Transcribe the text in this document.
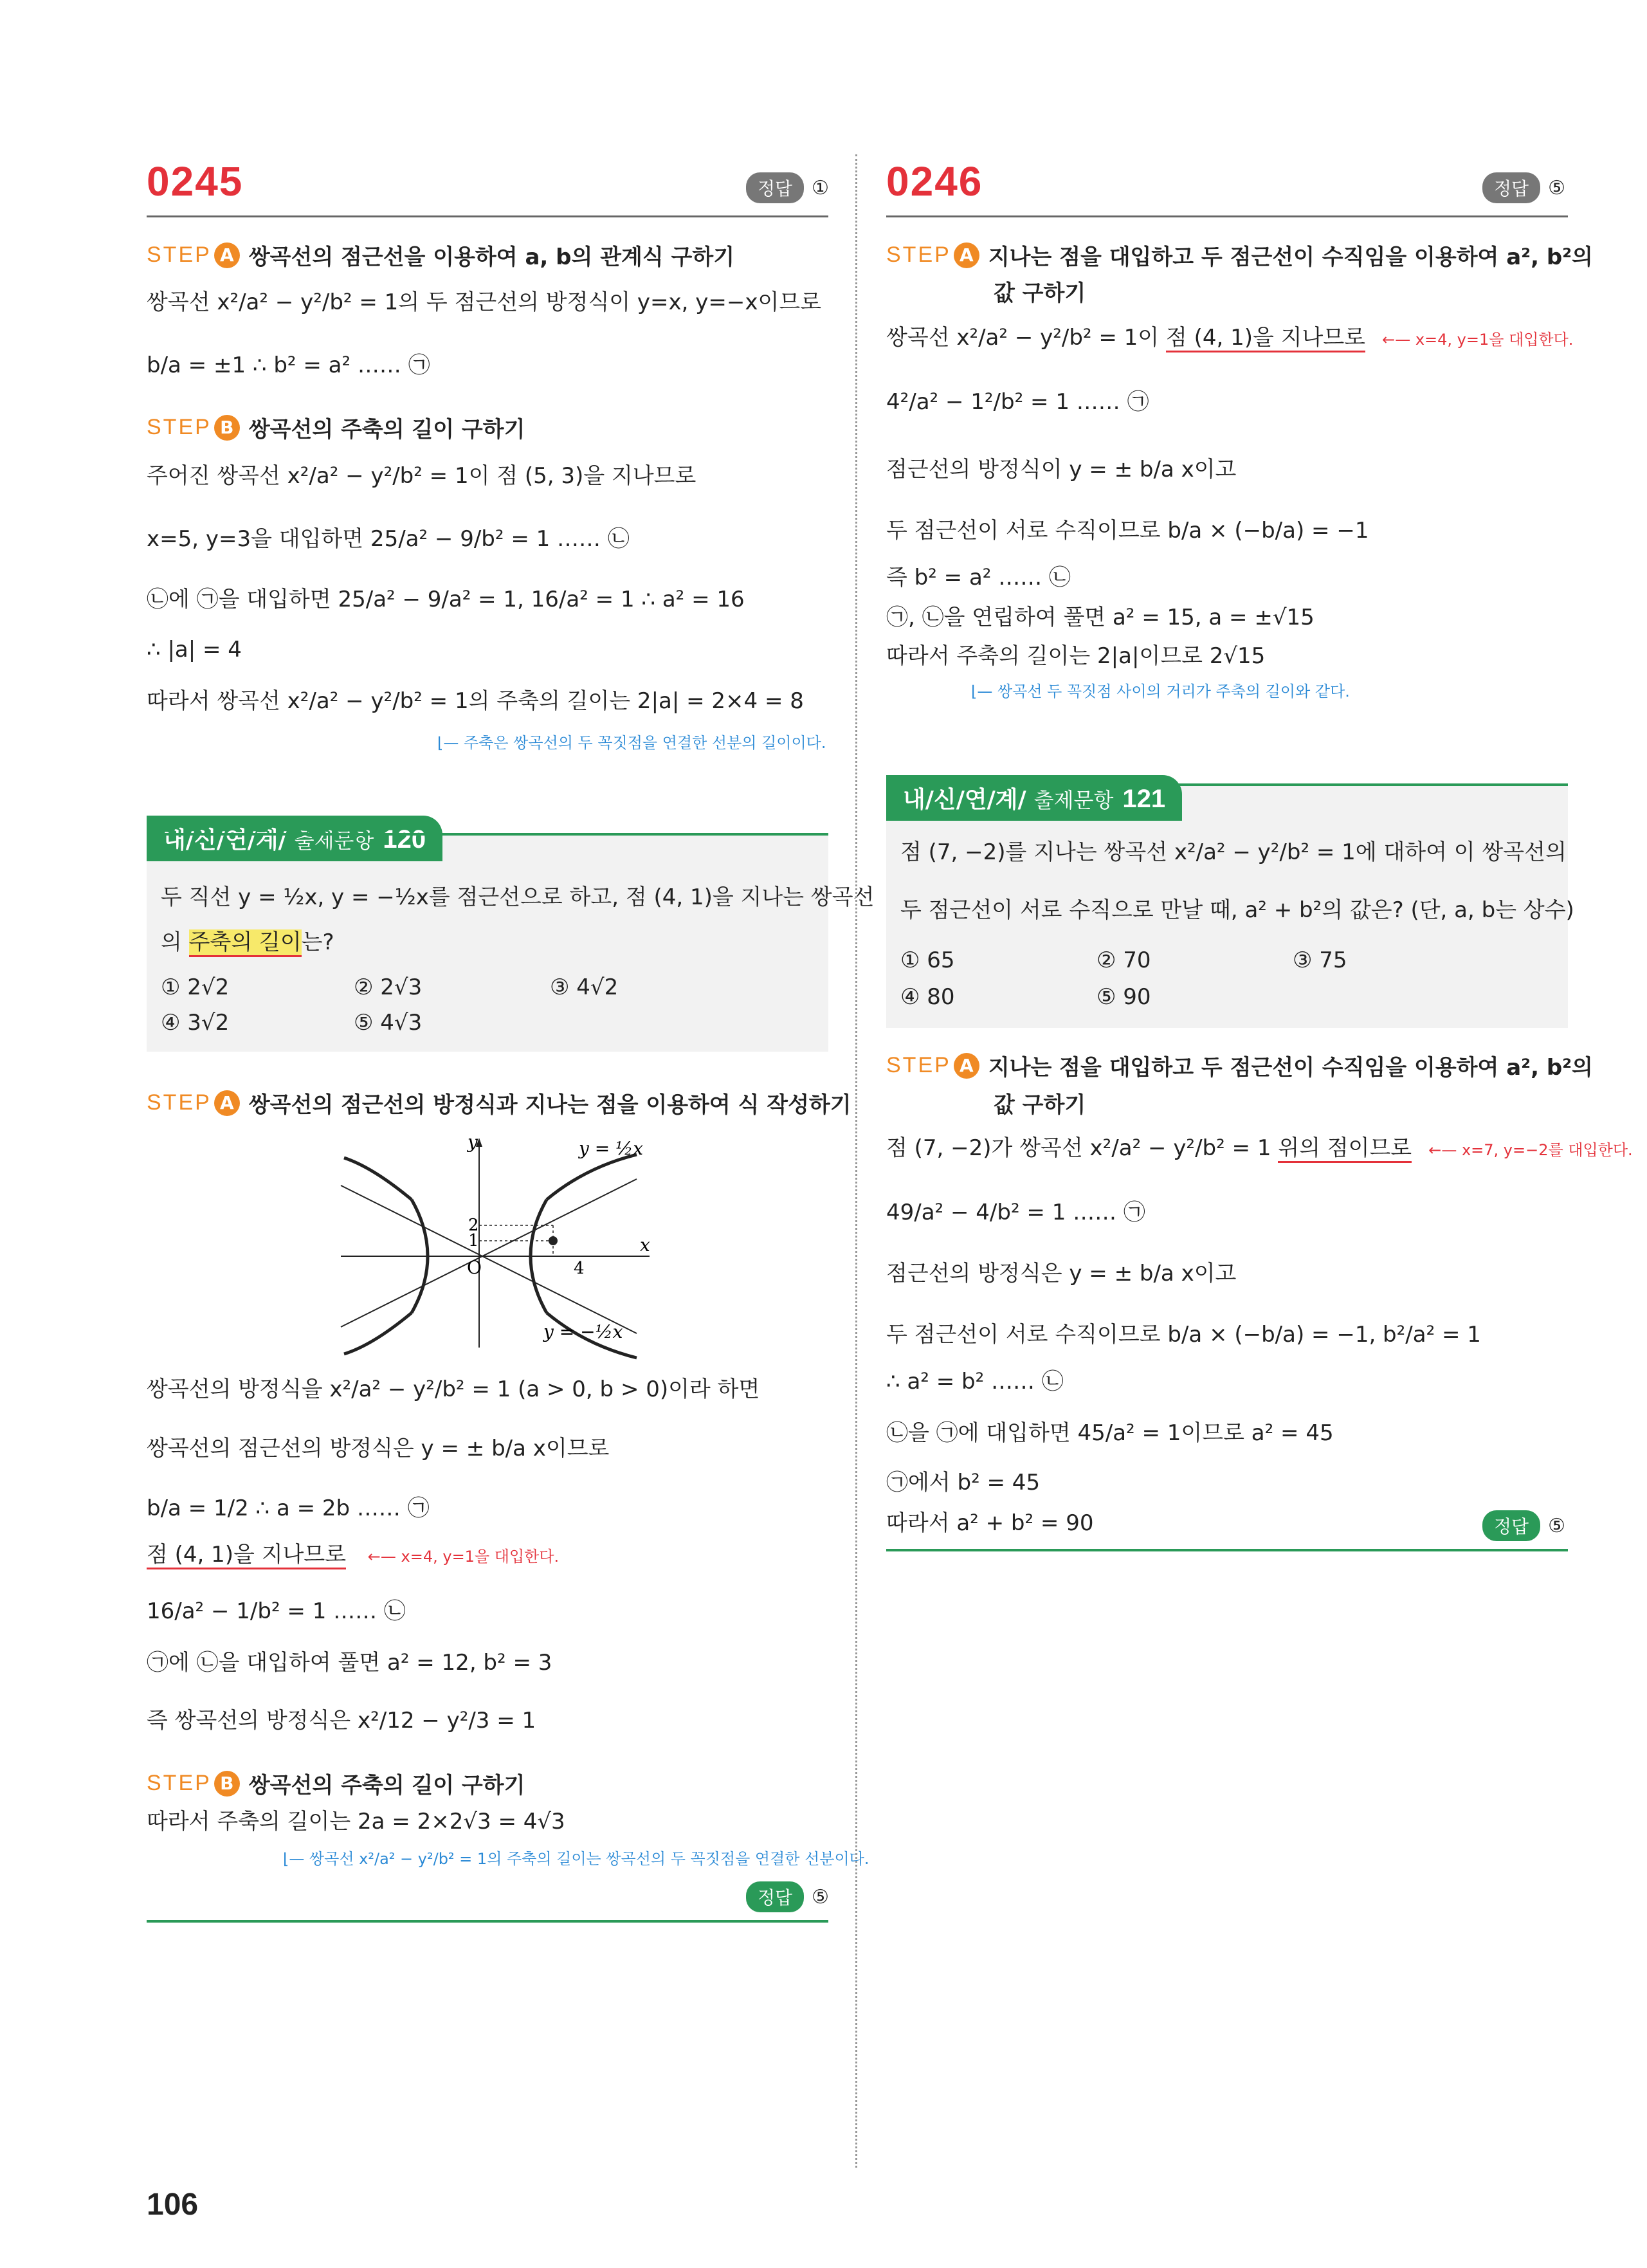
0245	정답	①
STEP A 쌍곡선의 점근선을 이용하여 a, b의 관계식 구하기
쌍곡선 x²/a² − y²/b² = 1의 두 점근선의 방정식이 y=x, y=−x이므로
b/a = ±1 ∴ b² = a² …… ㉠
STEP B 쌍곡선의 주축의 길이 구하기
주어진 쌍곡선 x²/a² − y²/b² = 1이 점 (5, 3)을 지나므로
x=5, y=3을 대입하면 25/a² − 9/b² = 1 …… ㉡
㉡에 ㉠을 대입하면 25/a² − 9/a² = 1, 16/a² = 1 ∴ a² = 16
∴ |a| = 4
따라서 쌍곡선 x²/a² − y²/b² = 1의 주축의 길이는 2|a| = 2×4 = 8
⌊— 주축은 쌍곡선의 두 꼭짓점을 연결한 선분의 길이이다.
내/신/연/계/ 출제문항 120
두 직선 y = ½x, y = −½x를 점근선으로 하고, 점 (4, 1)을 지나는 쌍곡선
의 주축의 길이는?
① 2√2	② 2√3	③ 4√2
④ 3√2	⑤ 4√3
STEP A 쌍곡선의 점근선의 방정식과 지나는 점을 이용하여 식 작성하기
y
x
O
2
1
4
y = ½x
y = −½x
쌍곡선의 방정식을 x²/a² − y²/b² = 1 (a > 0, b > 0)이라 하면
쌍곡선의 점근선의 방정식은 y = ± b/a x이므로
b/a = 1/2 ∴ a = 2b …… ㉠
점 (4, 1)을 지나므로    ←— x=4, y=1을 대입한다.
16/a² − 1/b² = 1 …… ㉡
㉠에 ㉡을 대입하여 풀면 a² = 12, b² = 3
즉 쌍곡선의 방정식은 x²/12 − y²/3 = 1
STEP B 쌍곡선의 주축의 길이 구하기
따라서 주축의 길이는 2a = 2×2√3 = 4√3
⌊— 쌍곡선 x²/a² − y²/b² = 1의 주축의 길이는 쌍곡선의 두 꼭짓점을 연결한 선분이다.
정답	⑤
0246	정답	⑤
STEP A 지나는 점을 대입하고 두 점근선이 수직임을 이용하여 a², b²의
값 구하기
쌍곡선 x²/a² − y²/b² = 1이 점 (4, 1)을 지나므로   ←— x=4, y=1을 대입한다.
4²/a² − 1²/b² = 1 …… ㉠
점근선의 방정식이 y = ± b/a x이고
두 점근선이 서로 수직이므로 b/a × (−b/a) = −1
즉 b² = a² …… ㉡
㉠, ㉡을 연립하여 풀면 a² = 15, a = ±√15
따라서 주축의 길이는 2|a|이므로 2√15
⌊— 쌍곡선 두 꼭짓점 사이의 거리가 주축의 길이와 같다.
내/신/연/계/ 출제문항 121
점 (7, −2)를 지나는 쌍곡선 x²/a² − y²/b² = 1에 대하여 이 쌍곡선의
두 점근선이 서로 수직으로 만날 때, a² + b²의 값은? (단, a, b는 상수)
① 65	② 70	③ 75
④ 80	⑤ 90
STEP A 지나는 점을 대입하고 두 점근선이 수직임을 이용하여 a², b²의
값 구하기
점 (7, −2)가 쌍곡선 x²/a² − y²/b² = 1 위의 점이므로   ←— x=7, y=−2를 대입한다.
49/a² − 4/b² = 1 …… ㉠
점근선의 방정식은 y = ± b/a x이고
두 점근선이 서로 수직이므로 b/a × (−b/a) = −1, b²/a² = 1
∴ a² = b² …… ㉡
㉡을 ㉠에 대입하면 45/a² = 1이므로 a² = 45
㉠에서 b² = 45
따라서 a² + b² = 90	정답	⑤
106
